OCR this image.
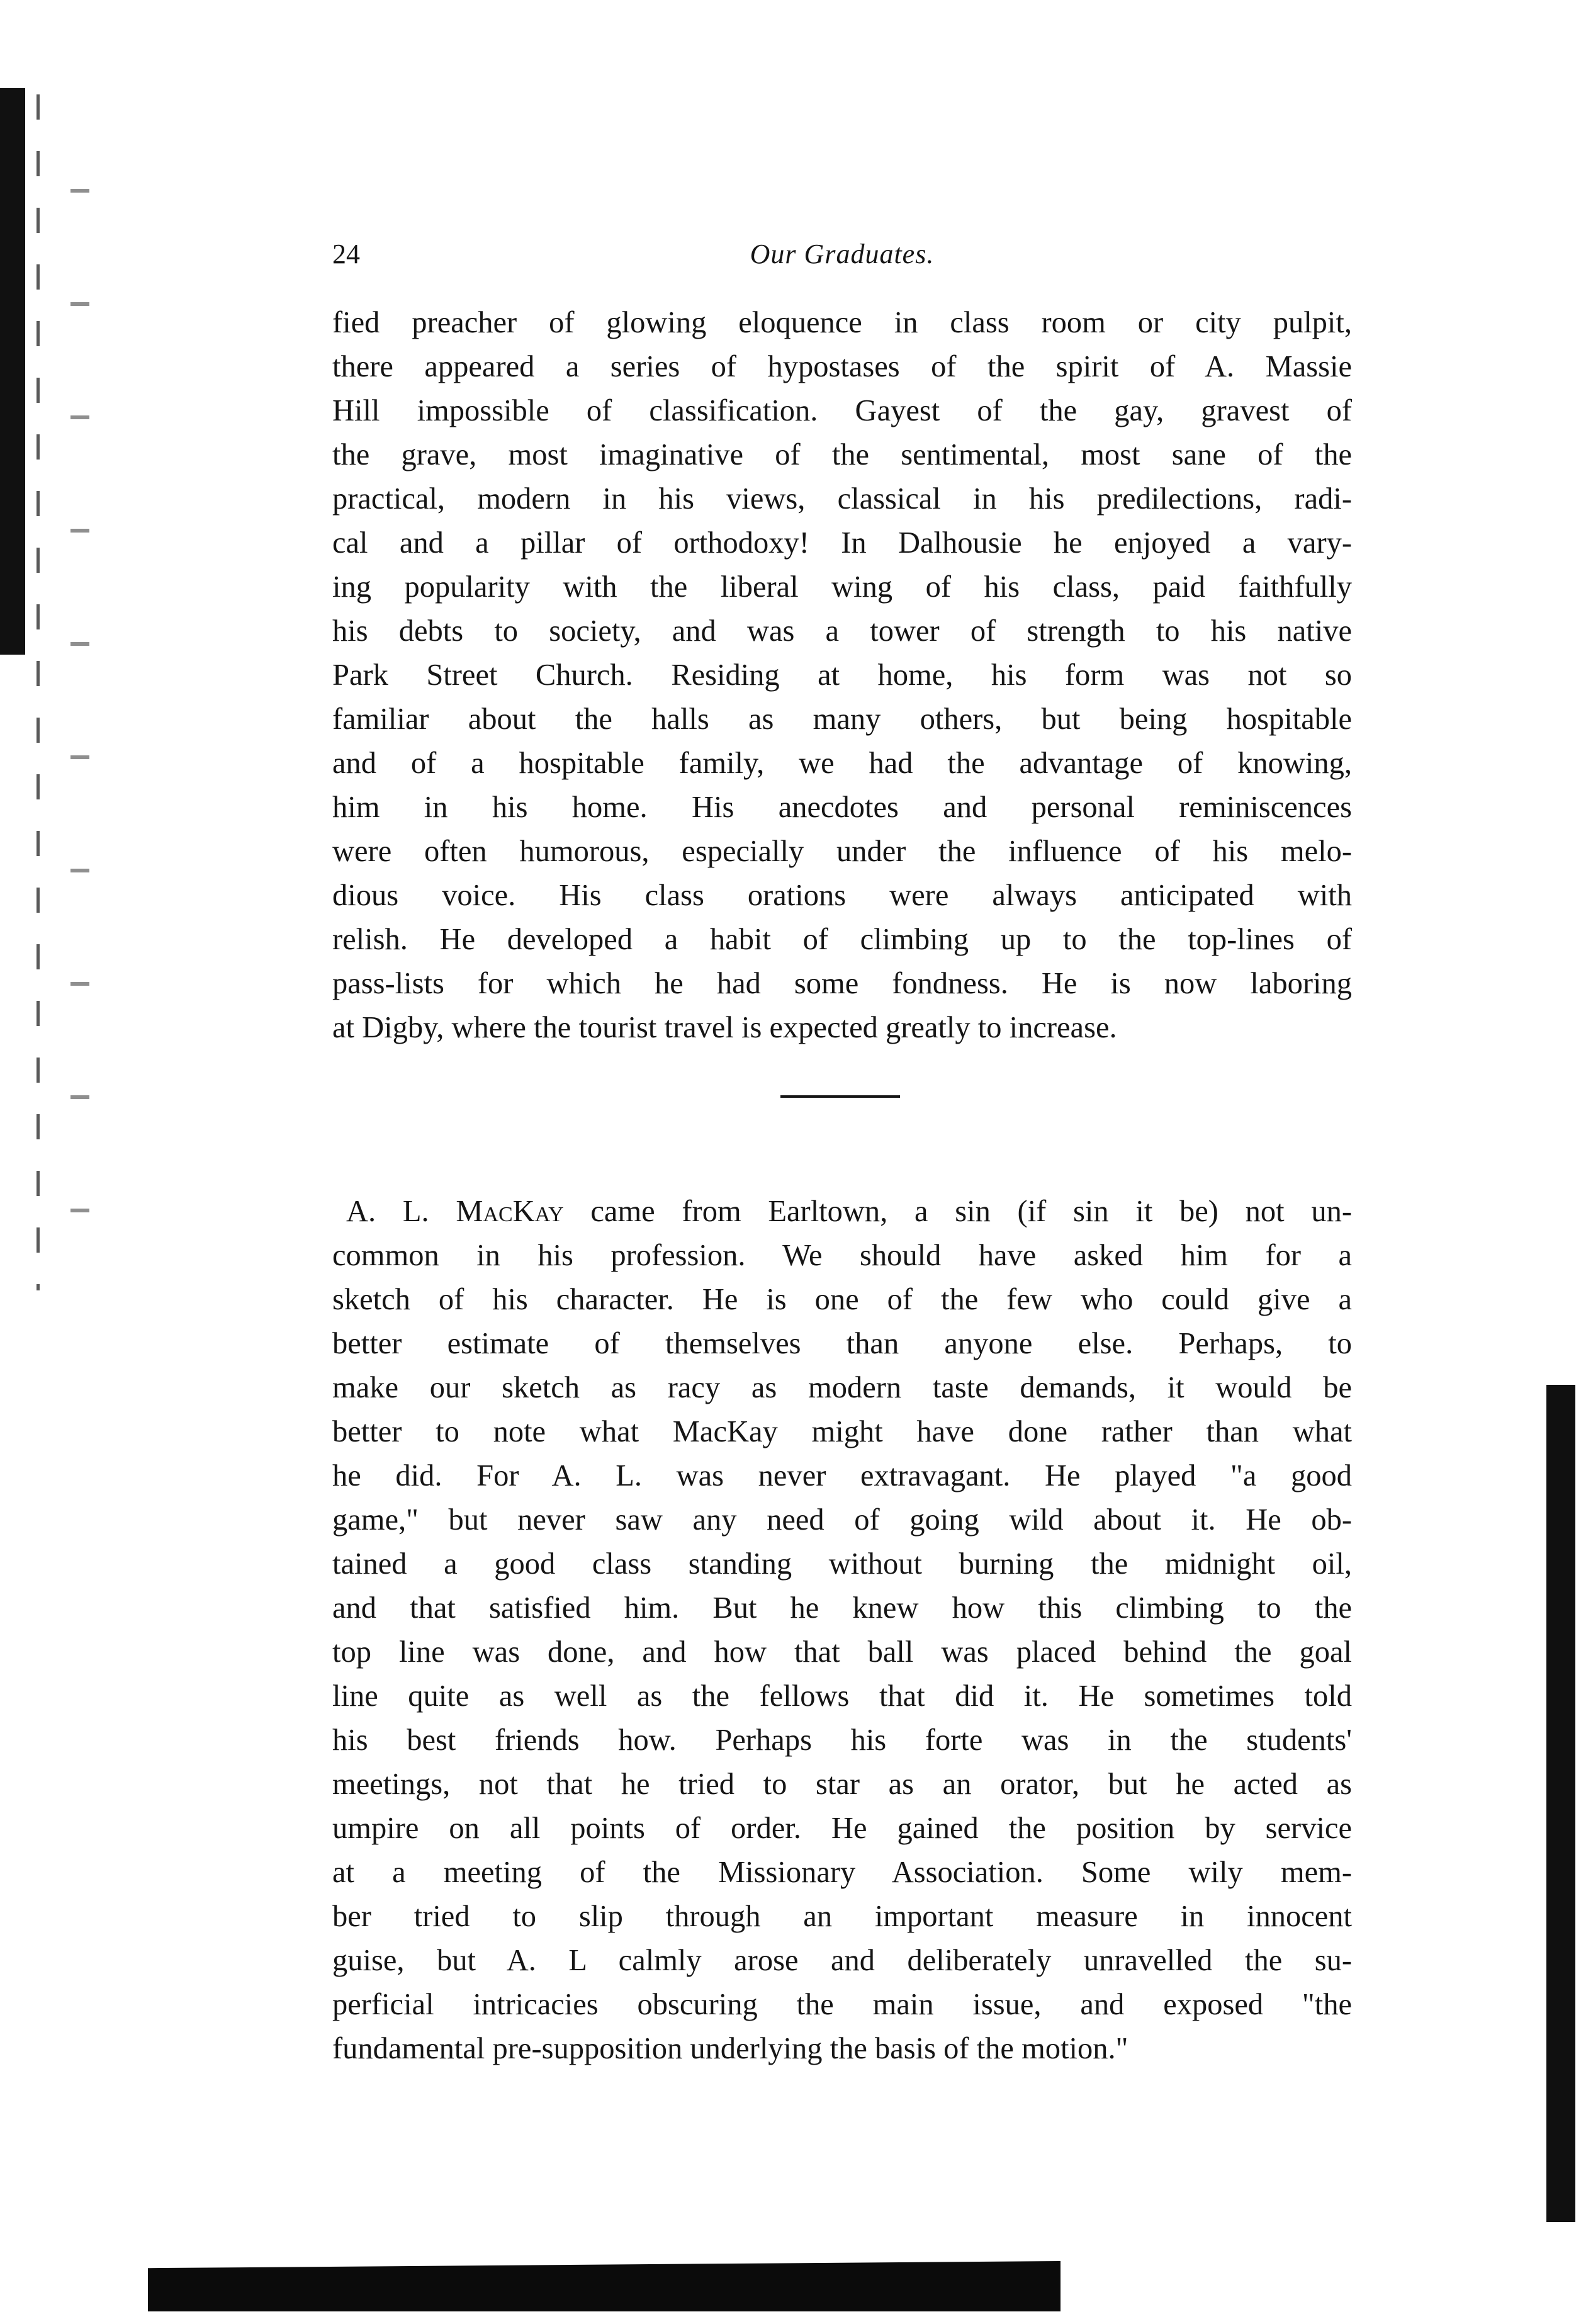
24	Our Graduates.
fied preacher of glowing eloquence in class room or city pulpit,
there appeared a series of hypostases of the spirit of A. Massie
Hill impossible of classification. Gayest of the gay, gravest of
the grave, most imaginative of the sentimental, most sane of the
practical, modern in his views, classical in his predilections, radi-
cal and a pillar of orthodoxy! In Dalhousie he enjoyed a vary-
ing popularity with the liberal wing of his class, paid faithfully
his debts to society, and was a tower of strength to his native
Park Street Church. Residing at home, his form was not so
familiar about the halls as many others, but being hospitable
and of a hospitable family, we had the advantage of knowing,
him in his home. His anecdotes and personal reminiscences
were often humorous, especially under the influence of his melo-
dious voice. His class orations were always anticipated with
relish. He developed a habit of climbing up to the top-lines of
pass-lists for which he had some fondness. He is now laboring
at Digby, where the tourist travel is expected greatly to increase.
A. L. MacKay came from Earltown, a sin (if sin it be) not un-
common in his profession. We should have asked him for a
sketch of his character. He is one of the few who could give a
better estimate of themselves than anyone else. Perhaps, to
make our sketch as racy as modern taste demands, it would be
better to note what MacKay might have done rather than what
he did. For A. L. was never extravagant. He played "a good
game," but never saw any need of going wild about it. He ob-
tained a good class standing without burning the midnight oil,
and that satisfied him. But he knew how this climbing to the
top line was done, and how that ball was placed behind the goal
line quite as well as the fellows that did it. He sometimes told
his best friends how. Perhaps his forte was in the students'
meetings, not that he tried to star as an orator, but he acted as
umpire on all points of order. He gained the position by service
at a meeting of the Missionary Association. Some wily mem-
ber tried to slip through an important measure in innocent
guise, but A. L calmly arose and deliberately unravelled the su-
perficial intricacies obscuring the main issue, and exposed "the
fundamental pre-supposition underlying the basis of the motion."
